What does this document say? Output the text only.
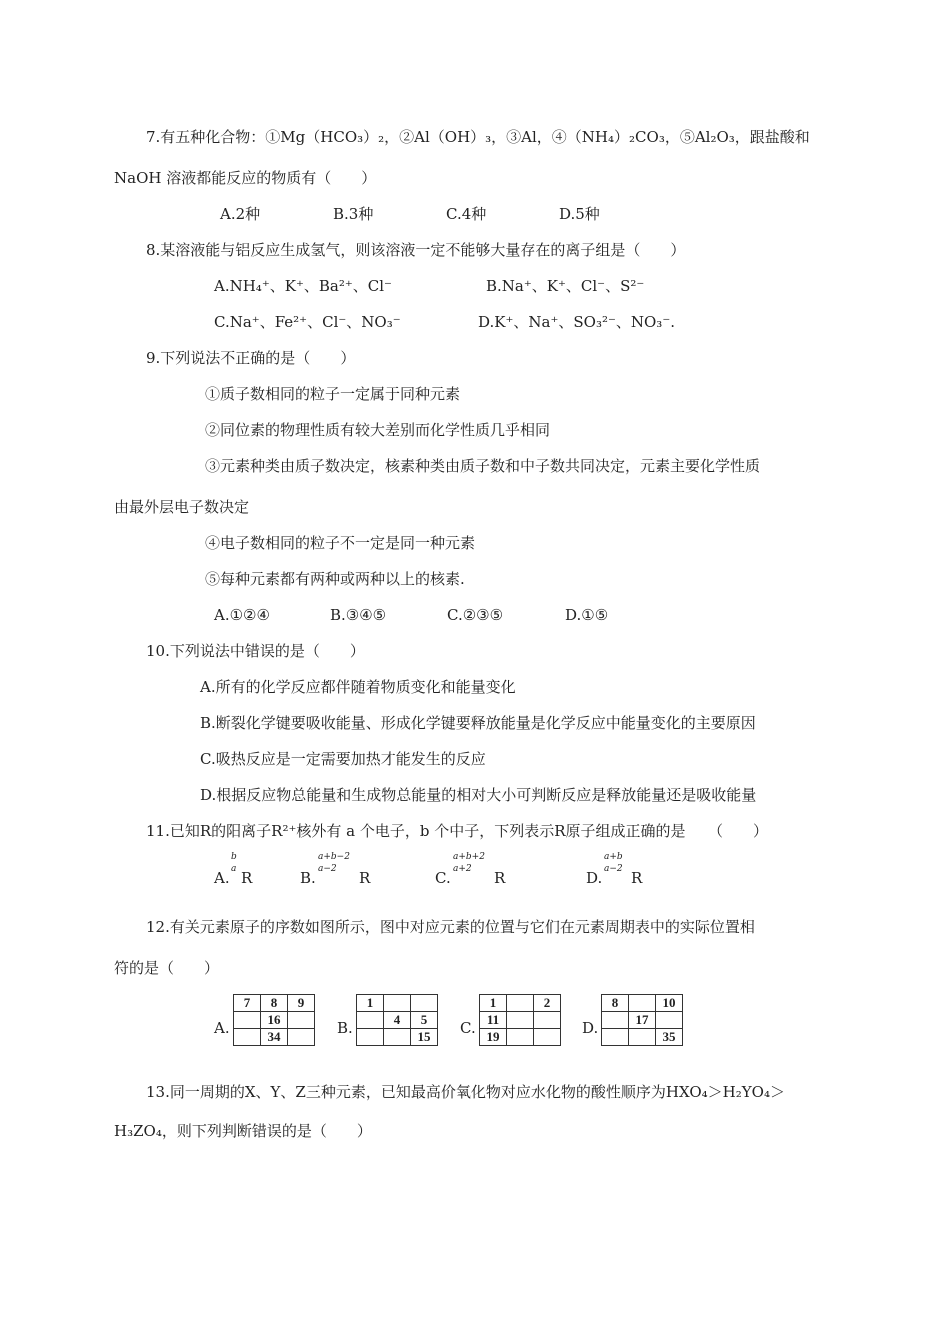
7.有五种化合物：①Mg（HCO₃）₂，②Al（OH）₃，③Al，④（NH₄）₂CO₃，⑤Al₂O₃，跟盐酸和
NaOH 溶液都能反应的物质有（　　）
A.2种	B.3种	C.4种	D.5种
8.某溶液能与铝反应生成氢气，则该溶液一定不能够大量存在的离子组是（　　）
A.NH₄⁺、K⁺、Ba²⁺、Cl⁻	B.Na⁺、K⁺、Cl⁻、S²⁻
C.Na⁺、Fe²⁺、Cl⁻、NO₃⁻	D.K⁺、Na⁺、SO₃²⁻、NO₃⁻.
9.下列说法不正确的是（　　）
①质子数相同的粒子一定属于同种元素
②同位素的物理性质有较大差别而化学性质几乎相同
③元素种类由质子数决定，核素种类由质子数和中子数共同决定，元素主要化学性质
由最外层电子数决定
④电子数相同的粒子不一定是同一种元素
⑤每种元素都有两种或两种以上的核素.
A.①②④	B.③④⑤	C.②③⑤	D.①⑤
10.下列说法中错误的是（　　）
A.所有的化学反应都伴随着物质变化和能量变化
B.断裂化学键要吸收能量、形成化学键要释放能量是化学反应中能量变化的主要原因
C.吸热反应是一定需要加热才能发生的反应
D.根据反应物总能量和生成物总能量的相对大小可判断反应是释放能量还是吸收能量
11.已知R的阳离子R²⁺核外有 a 个电子，b 个中子，下列表示R原子组成正确的是　　（　　）
A.
b
a R	B.
a+b−2
a−2 R	C.
a+b+2
a+2 R	D.
a+b
a−2 R
12.有关元素原子的序数如图所示，图中对应元素的位置与它们在元素周期表中的实际位置相
符的是（　　）
A.
7	8	9
	16	
	34		B.
1		
	4	5
		15 C.
1		2
11		
19			D.
8		10
	17	
		35
13.同一周期的X、Y、Z三种元素，已知最高价氧化物对应水化物的酸性顺序为HXO₄＞H₂YO₄＞
H₃ZO₄，则下列判断错误的是（　　）
